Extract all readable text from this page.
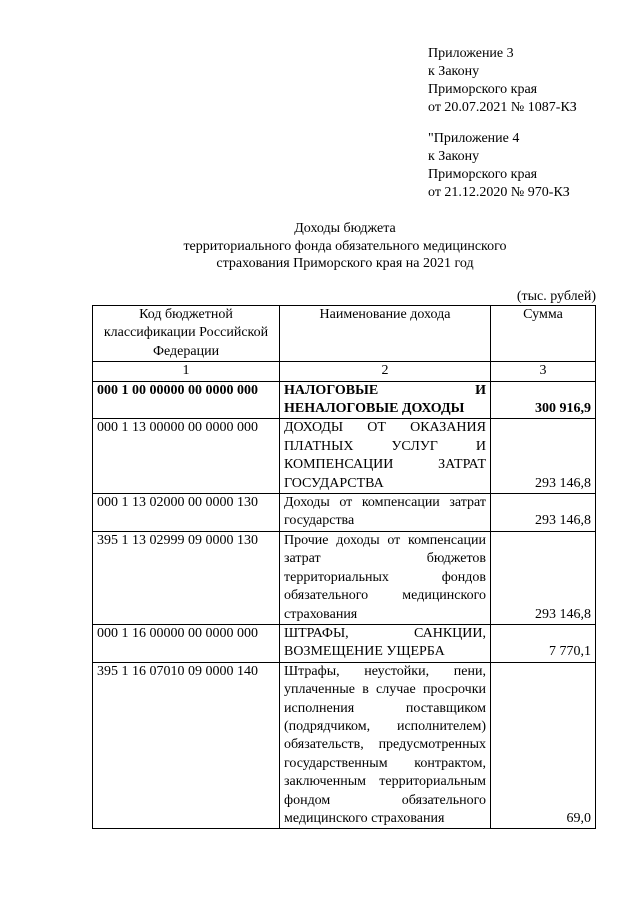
Приложение 3
к Закону
Приморского края
от 20.07.2021 № 1087-КЗ
"Приложение 4
к Закону
Приморского края
от 21.12.2020 № 970-КЗ
Доходы бюджета
территориального фонда обязательного медицинского
страхования Приморского края на 2021 год
(тыс. рублей)
Код бюджетной классификации Российской Федерации	Наименование дохода	Сумма
1	2	3
000 1 00 00000 00 0000 000	НАЛОГОВЫЕ И НЕНАЛОГОВЫЕ ДОХОДЫ	300 916,9
000 1 13 00000 00 0000 000	ДОХОДЫ ОТ ОКАЗАНИЯ ПЛАТНЫХ УСЛУГ И КОМПЕНСАЦИИ ЗАТРАТ ГОСУДАРСТВА	293 146,8
000 1 13 02000 00 0000 130	Доходы от компенсации затрат государства	293 146,8
395 1 13 02999 09 0000 130	Прочие доходы от компенсации затрат бюджетов территориальных фондов обязательного медицинского страхования	293 146,8
000 1 16 00000 00 0000 000	ШТРАФЫ, САНКЦИИ, ВОЗМЕЩЕНИЕ УЩЕРБА	7 770,1
395 1 16 07010 09 0000 140	Штрафы, неустойки, пени, уплаченные в случае просрочки исполнения поставщиком (подрядчиком, исполнителем) обязательств, предусмотренных государственным контрактом, заключенным территориальным фондом обязательного медицинского страхования	69,0
